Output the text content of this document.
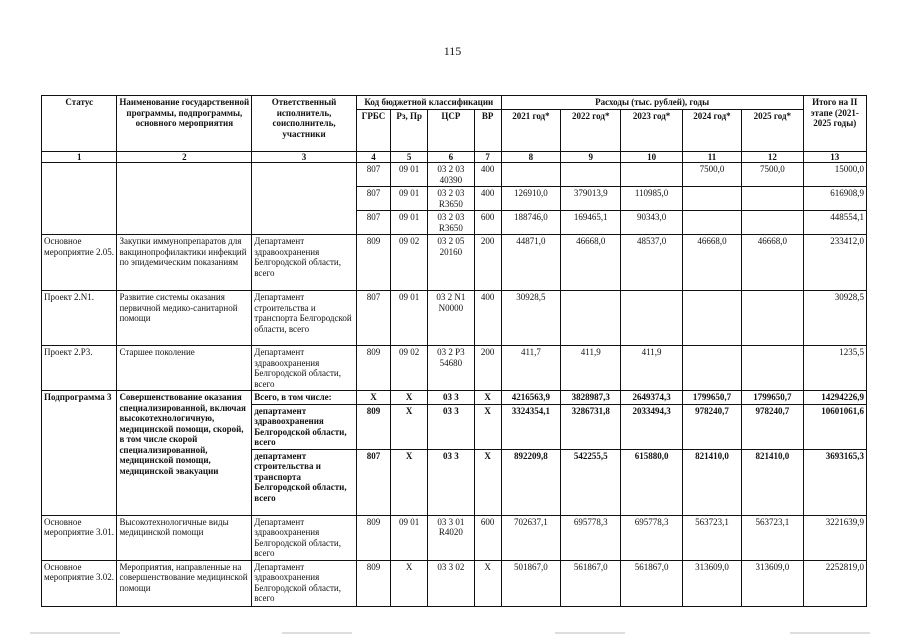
115
Статус	Наименование государственной программы, подпрограммы, основного мероприятия	Ответственный исполнитель, соисполнитель, участники	Код бюджетной классификации				Расходы (тыс. рублей), годы					Итого на II этапе (2021-2025 годы)
			ГРБС	Рз, Пр	ЦСР	ВР	2021 год*	2022 год*	2023 год*	2024 год*	2025 год*	
1	2	3	4	5	6	7	8	9	10	11	12	13
			807	09 01	03 2 03 40390	400				7500,0	7500,0	15000,0
			807	09 01	03 2 03 R3650	400	126910,0	379013,9	110985,0			616908,9
			807	09 01	03 2 03 R3650	600	188746,0	169465,1	90343,0			448554,1
Основное мероприятие 2.05.	Закупки иммунопрепаратов для вакцинопрофилактики инфекций по эпидемическим показаниям	Департамент здравоохранения Белгородской области, всего	809	09 02	03 2 05 20160	200	44871,0	46668,0	48537,0	46668,0	46668,0	233412,0
Проект 2.N1.	Развитие системы оказания первичной медико-санитарной помощи	Департамент строительства и транспорта Белгородской области, всего	807	09 01	03 2 N1 N0000	400	30928,5					30928,5
Проект 2.P3.	Старшее поколение	Департамент здравоохранения Белгородской области, всего	809	09 02	03 2 P3 54680	200	411,7	411,9	411,9			1235,5
Подпрограмма 3	Совершенствование оказания специализированной, включая высокотехнологичную, медицинской помощи, скорой, в том числе скорой специализированной, медицинской помощи, медицинской эвакуации	Всего, в том числе:	X	X	03 3	X	4216563,9	3828987,3	2649374,3	1799650,7	1799650,7	14294226,9
		департамент здравоохранения Белгородской области, всего	809	X	03 3	X	3324354,1	3286731,8	2033494,3	978240,7	978240,7	10601061,6
		департамент строительства и транспорта Белгородской области, всего	807	X	03 3	X	892209,8	542255,5	615880,0	821410,0	821410,0	3693165,3
Основное мероприятие 3.01.	Высокотехнологичные виды медицинской помощи	Департамент здравоохранения Белгородской области, всего	809	09 01	03 3 01 R4020	600	702637,1	695778,3	695778,3	563723,1	563723,1	3221639,9
Основное мероприятие 3.02.	Мероприятия, направленные на совершенствование медицинской помощи	Департамент здравоохранения Белгородской области, всего	809	X	03 3 02	X	501867,0	561867,0	561867,0	313609,0	313609,0	2252819,0
